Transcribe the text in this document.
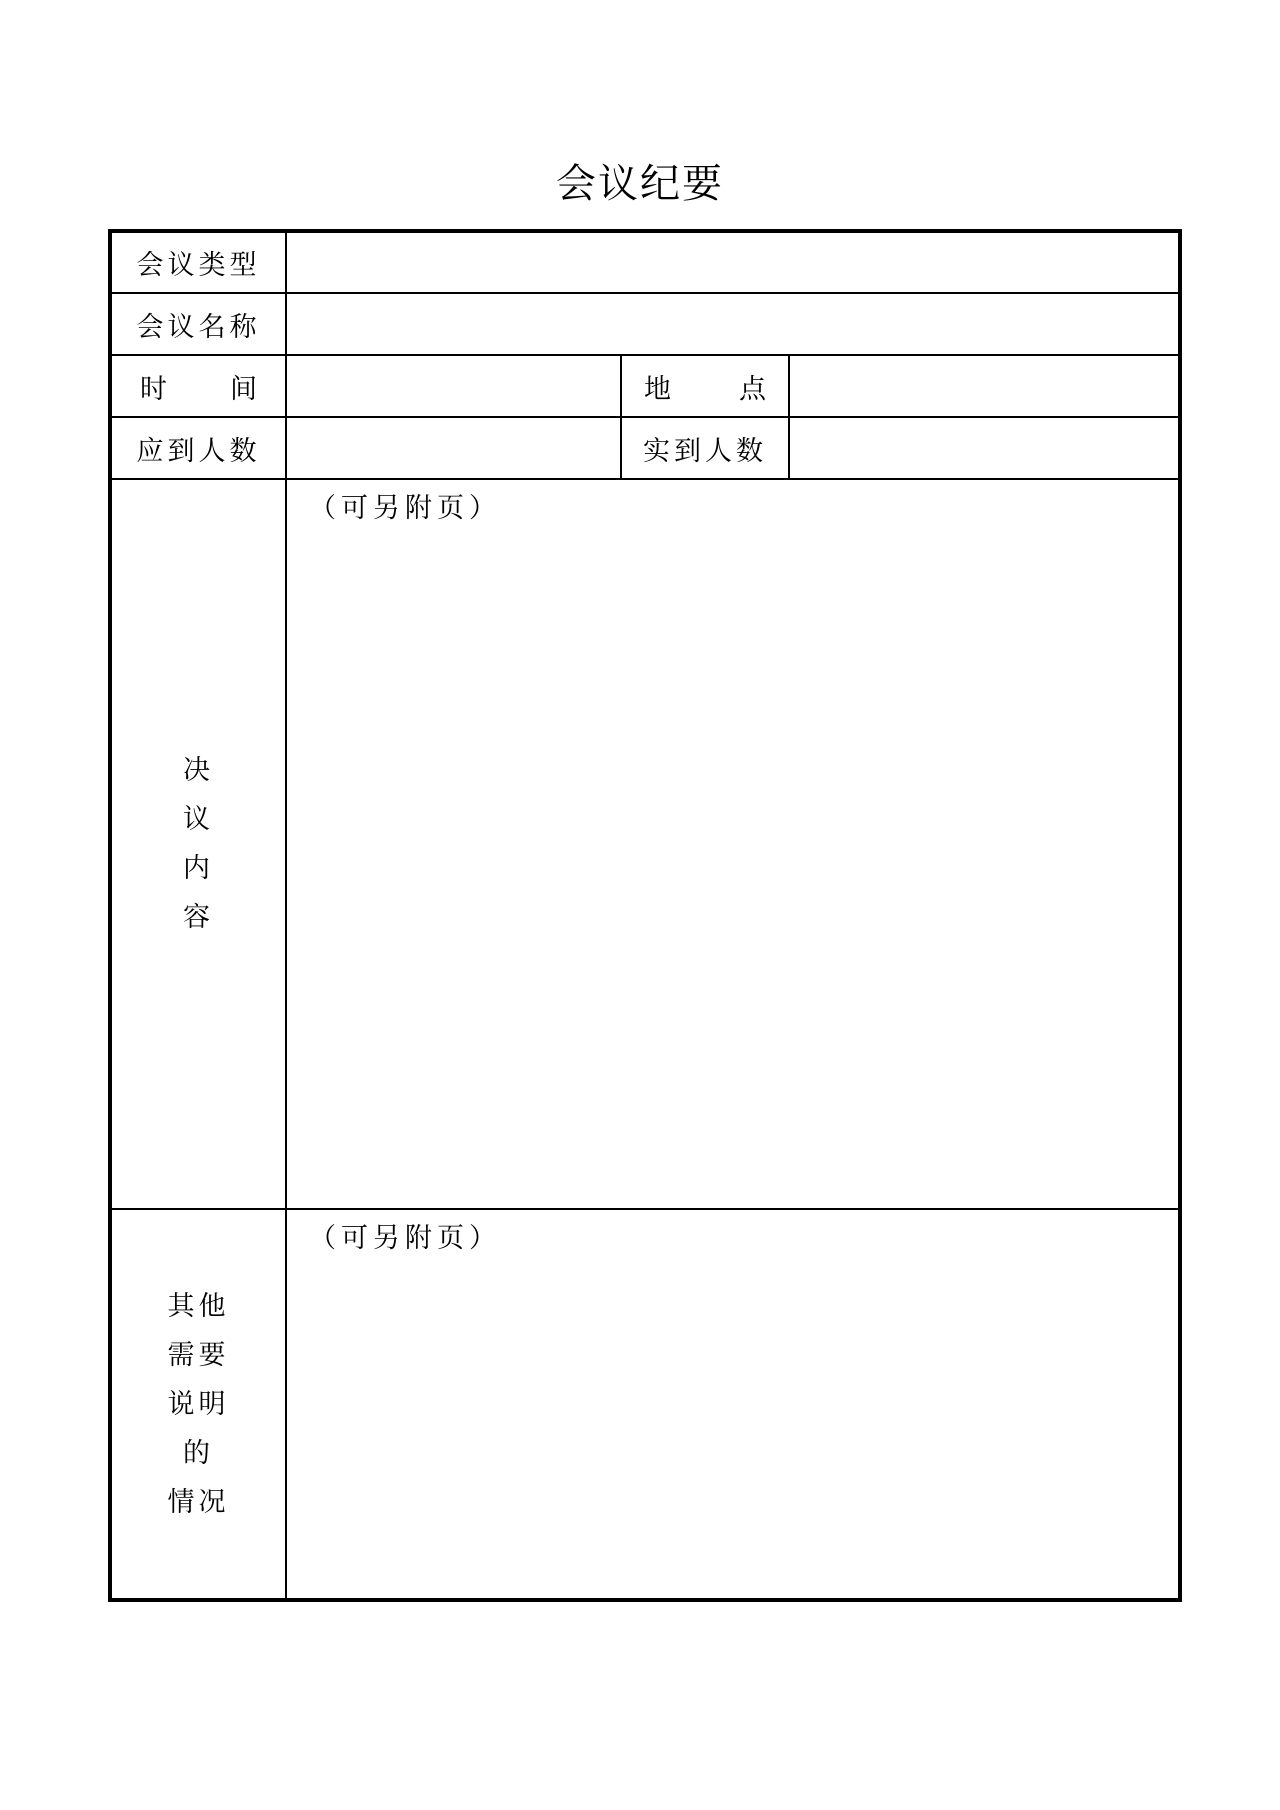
会议纪要
会议类型			
会议名称			
时 间		地 点	
应到人数		实到人数	

决
议
内
容	（可另附页）		

其他
需要
说明
的
情况	（可另附页）		
